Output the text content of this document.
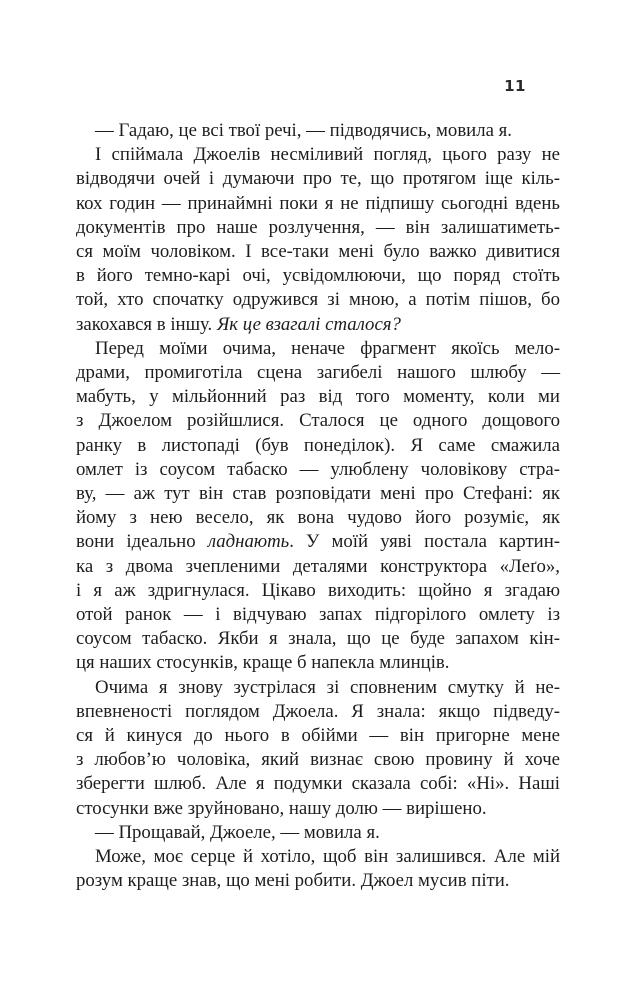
11
— Гадаю, це всі твої речі, — підводячись, мовила я.
І спіймала Джоелів несміливий погляд, цього разу не
відводячи очей і думаючи про те, що протягом іще кіль-
кох годин — принаймні поки я не підпишу сьогодні вдень
документів про наше розлучення, — він залишатиметь-
ся моїм чоловіком. І все-таки мені було важко дивитися
в його темно-карі очі, усвідомлюючи, що поряд стоїть
той, хто спочатку одружився зі мною, а потім пішов, бо
закохався в іншу. Як це взагалі сталося?
Перед моїми очима, неначе фрагмент якоїсь мело-
драми, промиготіла сцена загибелі нашого шлюбу —
мабуть, у мільйонний раз від того моменту, коли ми
з Джоелом розійшлися. Сталося це одного дощового
ранку в листопаді (був понеділок). Я саме смажила
омлет із соусом табаско — улюблену чоловікову стра-
ву, — аж тут він став розповідати мені про Стефані: як
йому з нею весело, як вона чудово його розуміє, як
вони ідеально ладнають. У моїй уяві постала картин-
ка з двома зчепленими деталями конструктора «Леґо»,
і я аж здригнулася. Цікаво виходить: щойно я згадаю
отой ранок — і відчуваю запах підгорілого омлету із
соусом табаско. Якби я знала, що це буде запахом кін-
ця наших стосунків, краще б напекла млинців.
Очима я знову зустрілася зі сповненим смутку й не-
впевненості поглядом Джоела. Я знала: якщо підведу-
ся й кинуся до нього в обійми — він пригорне мене
з любов’ю чоловіка, який визнає свою провину й хоче
зберегти шлюб. Але я подумки сказала собі: «Ні». Наші
стосунки вже зруйновано, нашу долю — вирішено.
— Прощавай, Джоеле, — мовила я.
Може, моє серце й хотіло, щоб він залишився. Але мій
розум краще знав, що мені робити. Джоел мусив піти.
